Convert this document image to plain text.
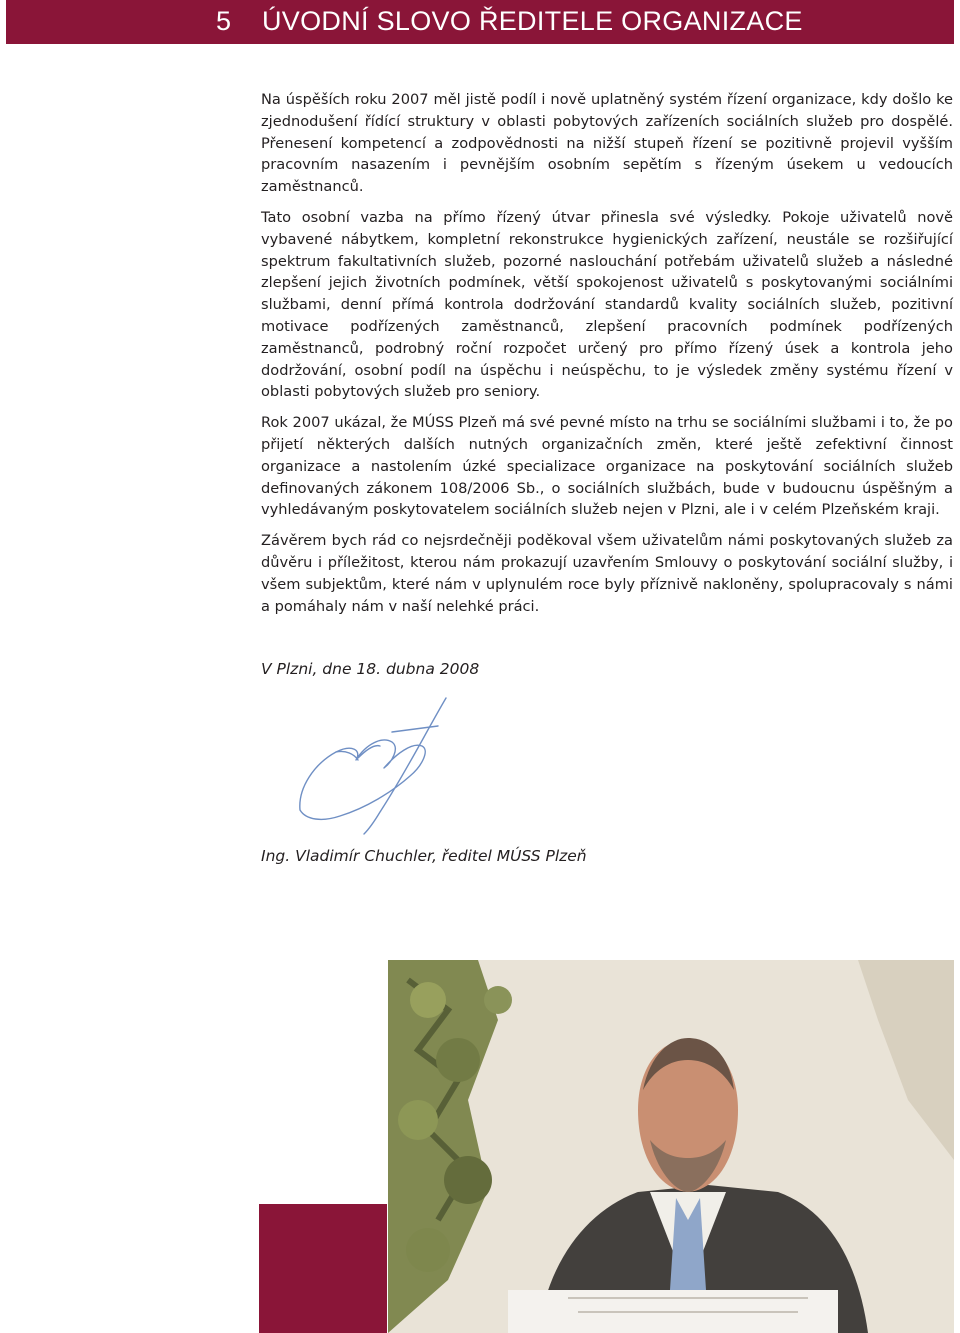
5 ÚVODNÍ SLOVO ŘEDITELE ORGANIZACE

Na úspěších roku 2007 měl jistě podíl i nově uplatněný systém řízení organizace, kdy došlo ke zjednodušení řídící struktury v oblasti pobytových zařízeních sociálních služeb pro dospělé. Přenesení kompetencí a zodpovědnosti na nižší stupeň řízení se pozitivně projevil vyšším pracovním nasazením i pevnějším osobním sepětím s řízeným úsekem u vedoucích zaměstnanců.

Tato osobní vazba na přímo řízený útvar přinesla své výsledky. Pokoje uživatelů nově vybavené nábytkem, kompletní rekonstrukce hygienických zařízení, neustále se rozšiřující spektrum fakultativních služeb, pozorné naslouchání potřebám uživatelů služeb a následné zlepšení jejich životních podmínek, větší spokojenost uživatelů s poskytovanými sociálními službami, denní přímá kontrola dodržování standardů kvality sociálních služeb, pozitivní motivace podřízených zaměstnanců, zlepšení pracovních podmínek podřízených zaměstnanců, podrobný roční rozpočet určený pro přímo řízený úsek a kontrola jeho dodržování, osobní podíl na úspěchu i neúspěchu, to je výsledek změny systému řízení v oblasti pobytových služeb pro seniory.

Rok 2007 ukázal, že MÚSS Plzeň má své pevné místo na trhu se sociálními službami i to, že po přijetí některých dalších nutných organizačních změn, které ještě zefektivní činnost organizace a nastolením úzké specializace organizace na poskytování sociálních služeb definovaných zákonem 108/2006 Sb., o sociálních službách, bude v budoucnu úspěšným a vyhledávaným poskytovatelem sociálních služeb nejen v Plzni, ale i v celém Plzeňském kraji.

Závěrem bych rád co nejsrdečněji poděkoval všem uživatelům námi poskytovaných služeb za důvěru i příležitost, kterou nám prokazují uzavřením Smlouvy o poskytování sociální služby, i všem subjektům, které nám v uplynulém roce byly příznivě nakloněny, spolupracovaly s námi a pomáhaly nám v naší nelehké práci.

V Plzni, dne 18. dubna 2008
Ing. Vladimír Chuchler, ředitel MÚSS Plzeň
